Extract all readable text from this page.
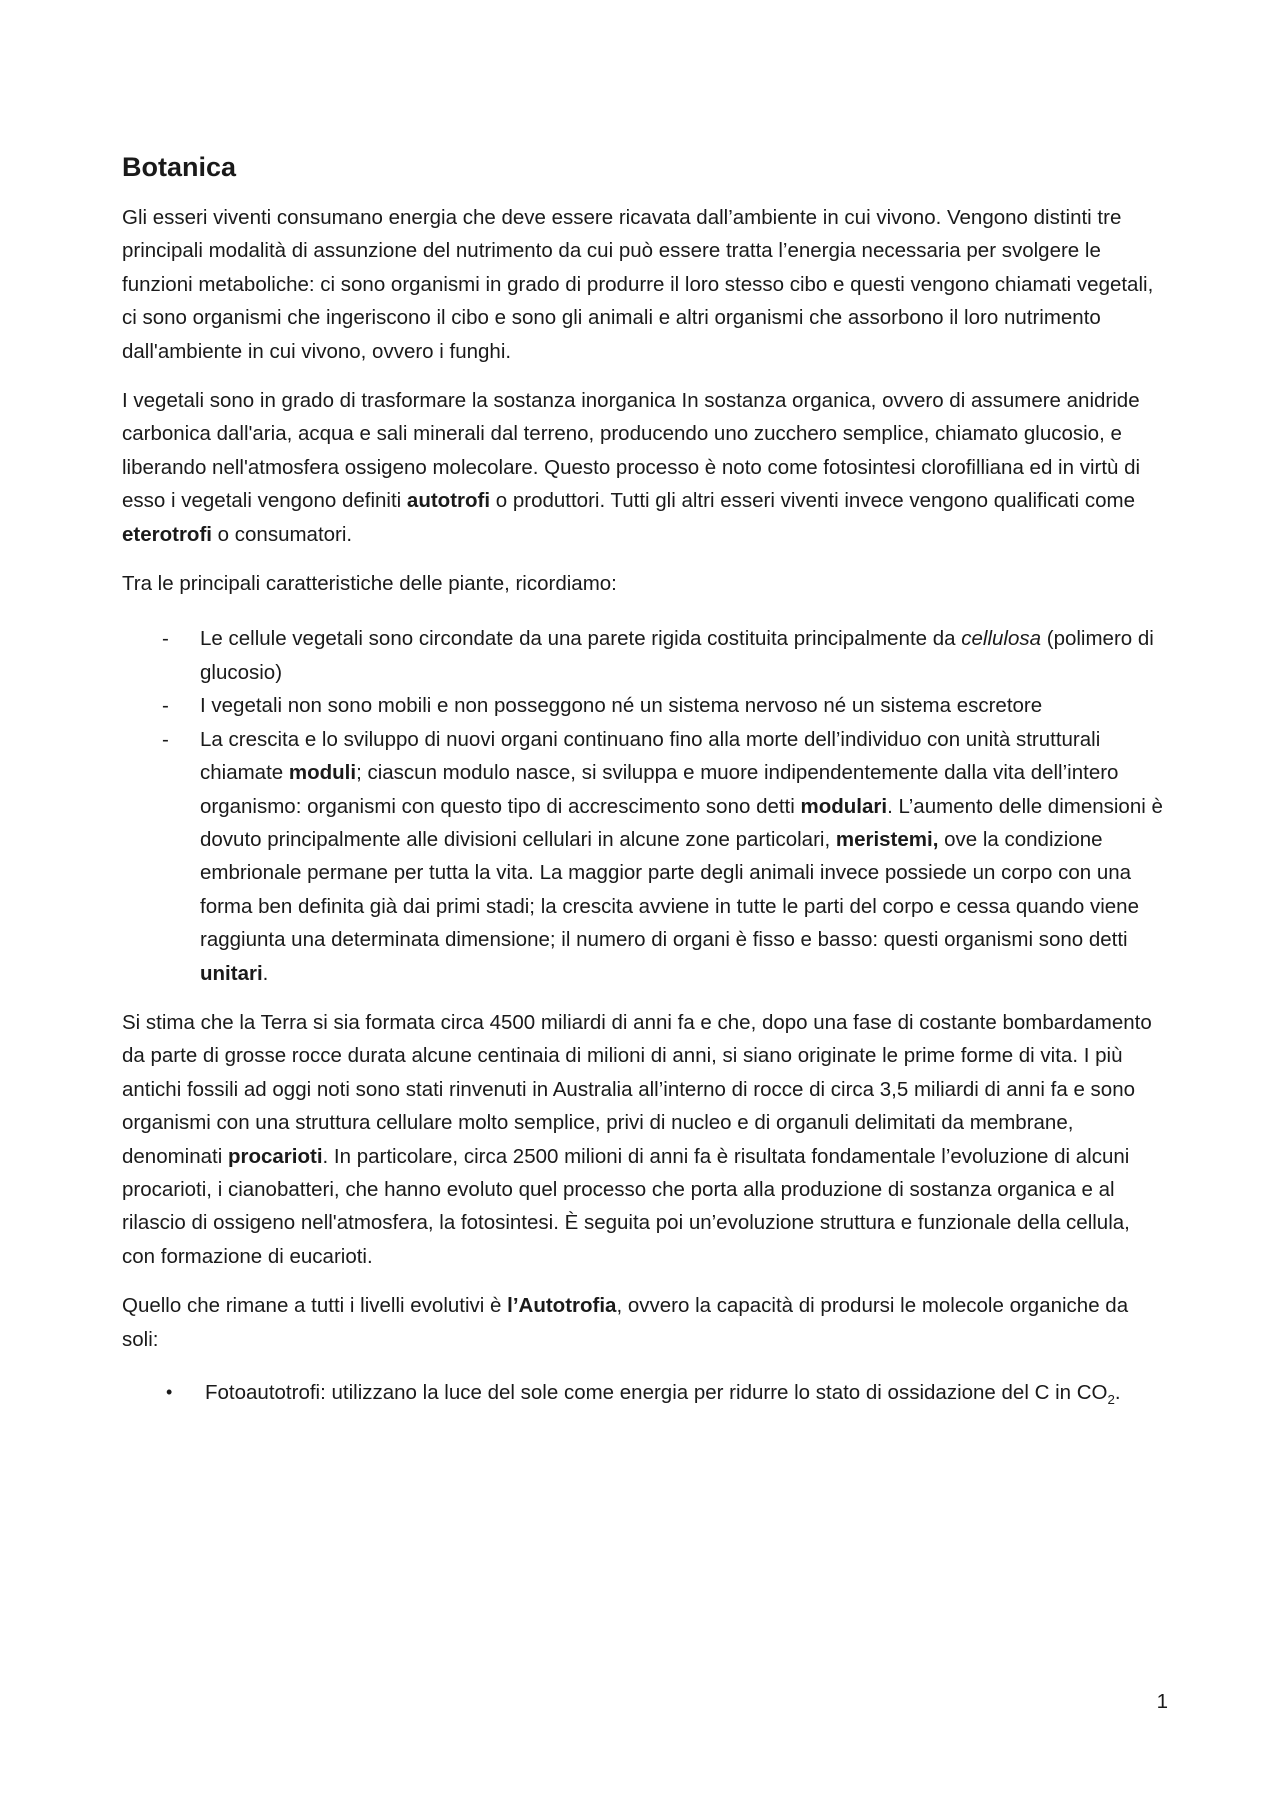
Botanica

Gli esseri viventi consumano energia che deve essere ricavata dall’ambiente in cui vivono. Vengono distinti tre principali modalità di assunzione del nutrimento da cui può essere tratta l’energia necessaria per svolgere le funzioni metaboliche: ci sono organismi in grado di produrre il loro stesso cibo e questi vengono chiamati vegetali, ci sono organismi che ingeriscono il cibo e sono gli animali e altri organismi che assorbono il loro nutrimento dall'ambiente in cui vivono, ovvero i funghi.

I vegetali sono in grado di trasformare la sostanza inorganica In sostanza organica, ovvero di assumere anidride carbonica dall'aria, acqua e sali minerali dal terreno, producendo uno zucchero semplice, chiamato glucosio, e liberando nell'atmosfera ossigeno molecolare. Questo processo è noto come fotosintesi clorofilliana ed in virtù di esso i vegetali vengono definiti autotrofi o produttori. Tutti gli altri esseri viventi invece vengono qualificati come eterotrofi o consumatori.

Tra le principali caratteristiche delle piante, ricordiamo:

- Le cellule vegetali sono circondate da una parete rigida costituita principalmente da cellulosa (polimero di glucosio)
- I vegetali non sono mobili e non posseggono né un sistema nervoso né un sistema escretore
- La crescita e lo sviluppo di nuovi organi continuano fino alla morte dell’individuo con unità strutturali chiamate moduli; ciascun modulo nasce, si sviluppa e muore indipendentemente dalla vita dell’intero organismo: organismi con questo tipo di accrescimento sono detti modulari. L’aumento delle dimensioni è dovuto principalmente alle divisioni cellulari in alcune zone particolari, meristemi, ove la condizione embrionale permane per tutta la vita. La maggior parte degli animali invece possiede un corpo con una forma ben definita già dai primi stadi; la crescita avviene in tutte le parti del corpo e cessa quando viene raggiunta una determinata dimensione; il numero di organi è fisso e basso: questi organismi sono detti unitari.

Si stima che la Terra si sia formata circa 4500 miliardi di anni fa e che, dopo una fase di costante bombardamento da parte di grosse rocce durata alcune centinaia di milioni di anni, si siano originate le prime forme di vita. I più antichi fossili ad oggi noti sono stati rinvenuti in Australia all’interno di rocce di circa 3,5 miliardi di anni fa e sono organismi con una struttura cellulare molto semplice, privi di nucleo e di organuli delimitati da membrane, denominati procarioti. In particolare, circa 2500 milioni di anni fa è risultata fondamentale l’evoluzione di alcuni procarioti, i cianobatteri, che hanno evoluto quel processo che porta alla produzione di sostanza organica e al rilascio di ossigeno nell'atmosfera, la fotosintesi. È seguita poi un’evoluzione struttura e funzionale della cellula, con formazione di eucarioti.

Quello che rimane a tutti i livelli evolutivi è l’Autotrofia, ovvero la capacità di prodursi le molecole organiche da soli:

• Fotoautotrofi: utilizzano la luce del sole come energia per ridurre lo stato di ossidazione del C in $CO_2$.
1
